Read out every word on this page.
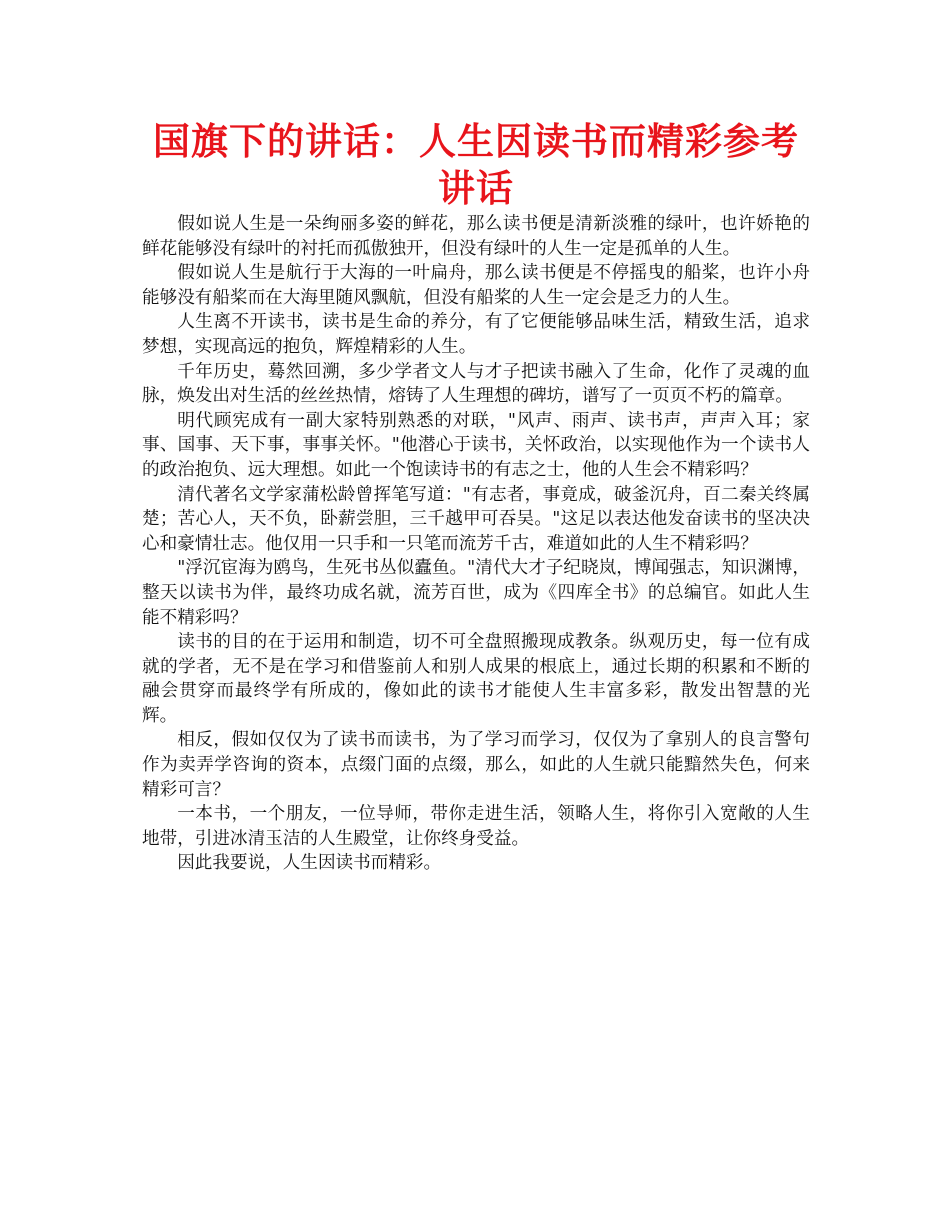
国旗下的讲话：人生因读书而精彩参考讲话

假如说人生是一朵绚丽多姿的鲜花，那么读书便是清新淡雅的绿叶，也许娇艳的鲜花能够没有绿叶的衬托而孤傲独开，但没有绿叶的人生一定是孤单的人生。

假如说人生是航行于大海的一叶扁舟，那么读书便是不停摇曳的船桨，也许小舟能够没有船桨而在大海里随风飘航，但没有船桨的人生一定会是乏力的人生。

人生离不开读书，读书是生命的养分，有了它便能够品味生活，精致生活，追求梦想，实现高远的抱负，辉煌精彩的人生。

千年历史，蓦然回溯，多少学者文人与才子把读书融入了生命，化作了灵魂的血脉，焕发出对生活的丝丝热情，熔铸了人生理想的碑坊，谱写了一页页不朽的篇章。

明代顾宪成有一副大家特别熟悉的对联，"风声、雨声、读书声，声声入耳；家事、国事、天下事，事事关怀。"他潜心于读书，关怀政治，以实现他作为一个读书人的政治抱负、远大理想。如此一个饱读诗书的有志之士，他的人生会不精彩吗？

清代著名文学家蒲松龄曾挥笔写道："有志者，事竟成，破釜沉舟，百二秦关终属楚；苦心人，天不负，卧薪尝胆，三千越甲可吞吴。"这足以表达他发奋读书的坚决决心和豪情壮志。他仅用一只手和一只笔而流芳千古，难道如此的人生不精彩吗？

"浮沉宦海为鸥鸟，生死书丛似蠹鱼。"清代大才子纪晓岚，博闻强志，知识渊博，整天以读书为伴，最终功成名就，流芳百世，成为《四库全书》的总编官。如此人生能不精彩吗？

读书的目的在于运用和制造，切不可全盘照搬现成教条。纵观历史，每一位有成就的学者，无不是在学习和借鉴前人和别人成果的根底上，通过长期的积累和不断的融会贯穿而最终学有所成的，像如此的读书才能使人生丰富多彩，散发出智慧的光辉。

相反，假如仅仅为了读书而读书，为了学习而学习，仅仅为了拿别人的良言警句作为卖弄学咨询的资本，点缀门面的点缀，那么，如此的人生就只能黯然失色，何来精彩可言？

一本书，一个朋友，一位导师，带你走进生活，领略人生，将你引入宽敞的人生地带，引进冰清玉洁的人生殿堂，让你终身受益。

因此我要说，人生因读书而精彩。
